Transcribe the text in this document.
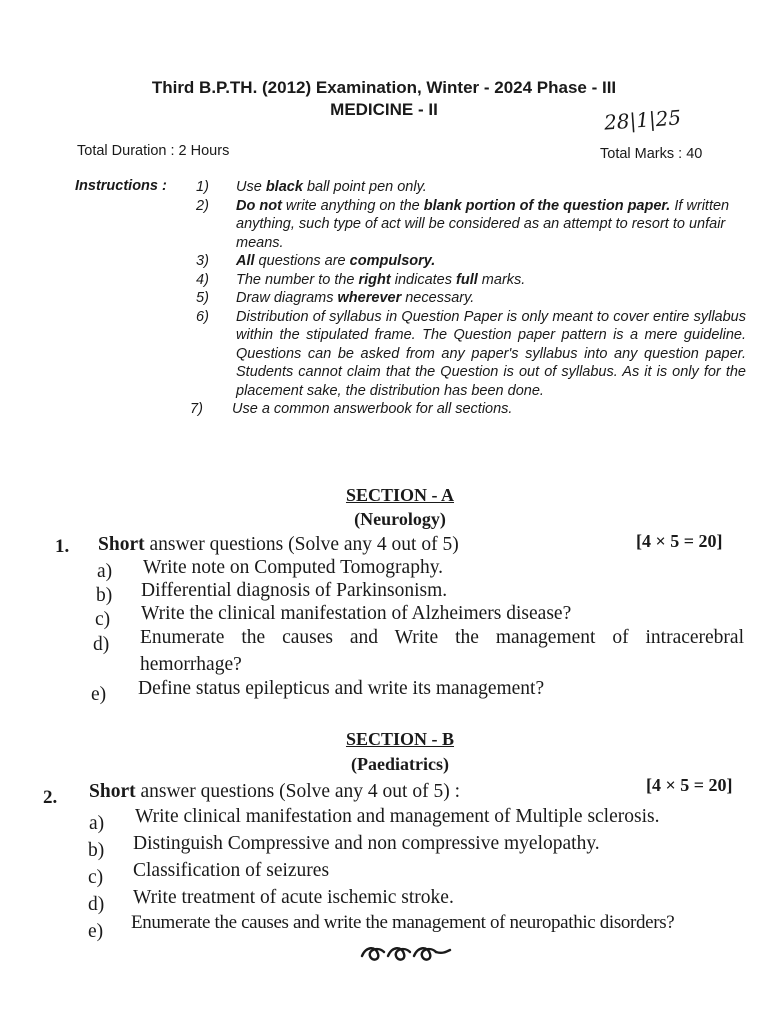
Third B.P.TH. (2012) Examination, Winter - 2024 Phase - III
MEDICINE - II	28|1|25
Total Duration : 2 Hours	Total Marks : 40
Instructions :	1)	Use black ball point pen only.
2)	Do not write anything on the blank portion of the question paper. If written anything, such type of act will be considered as an attempt to resort to unfair means.
3)	All questions are compulsory.
4)	The number to the right indicates full marks.
5)	Draw diagrams wherever necessary.
6)	Distribution of syllabus in Question Paper is only meant to cover entire syllabus within the stipulated frame. The Question paper pattern is a mere guideline. Questions can be asked from any paper's syllabus into any question paper. Students cannot claim that the Question is out of syllabus. As it is only for the placement sake, the distribution has been done.
7)	Use a common answerbook for all sections.
SECTION - A
(Neurology)
1. Short answer questions (Solve any 4 out of 5)	[4 × 5 = 20]
a) Write note on Computed Tomography.
b) Differential diagnosis of Parkinsonism.
c) Write the clinical manifestation of Alzheimers disease?
d) Enumerate the causes and Write the management of intracerebral
hemorrhage?
e) Define status epilepticus and write its management?
SECTION - B
(Paediatrics)
2. Short answer questions (Solve any 4 out of 5) :	[4 × 5 = 20]
a) Write clinical manifestation and management of Multiple sclerosis.
b) Distinguish Compressive and non compressive myelopathy.
c) Classification of seizures
d) Write treatment of acute ischemic stroke.
e) Enumerate the causes and write the management of neuropathic disorders?
